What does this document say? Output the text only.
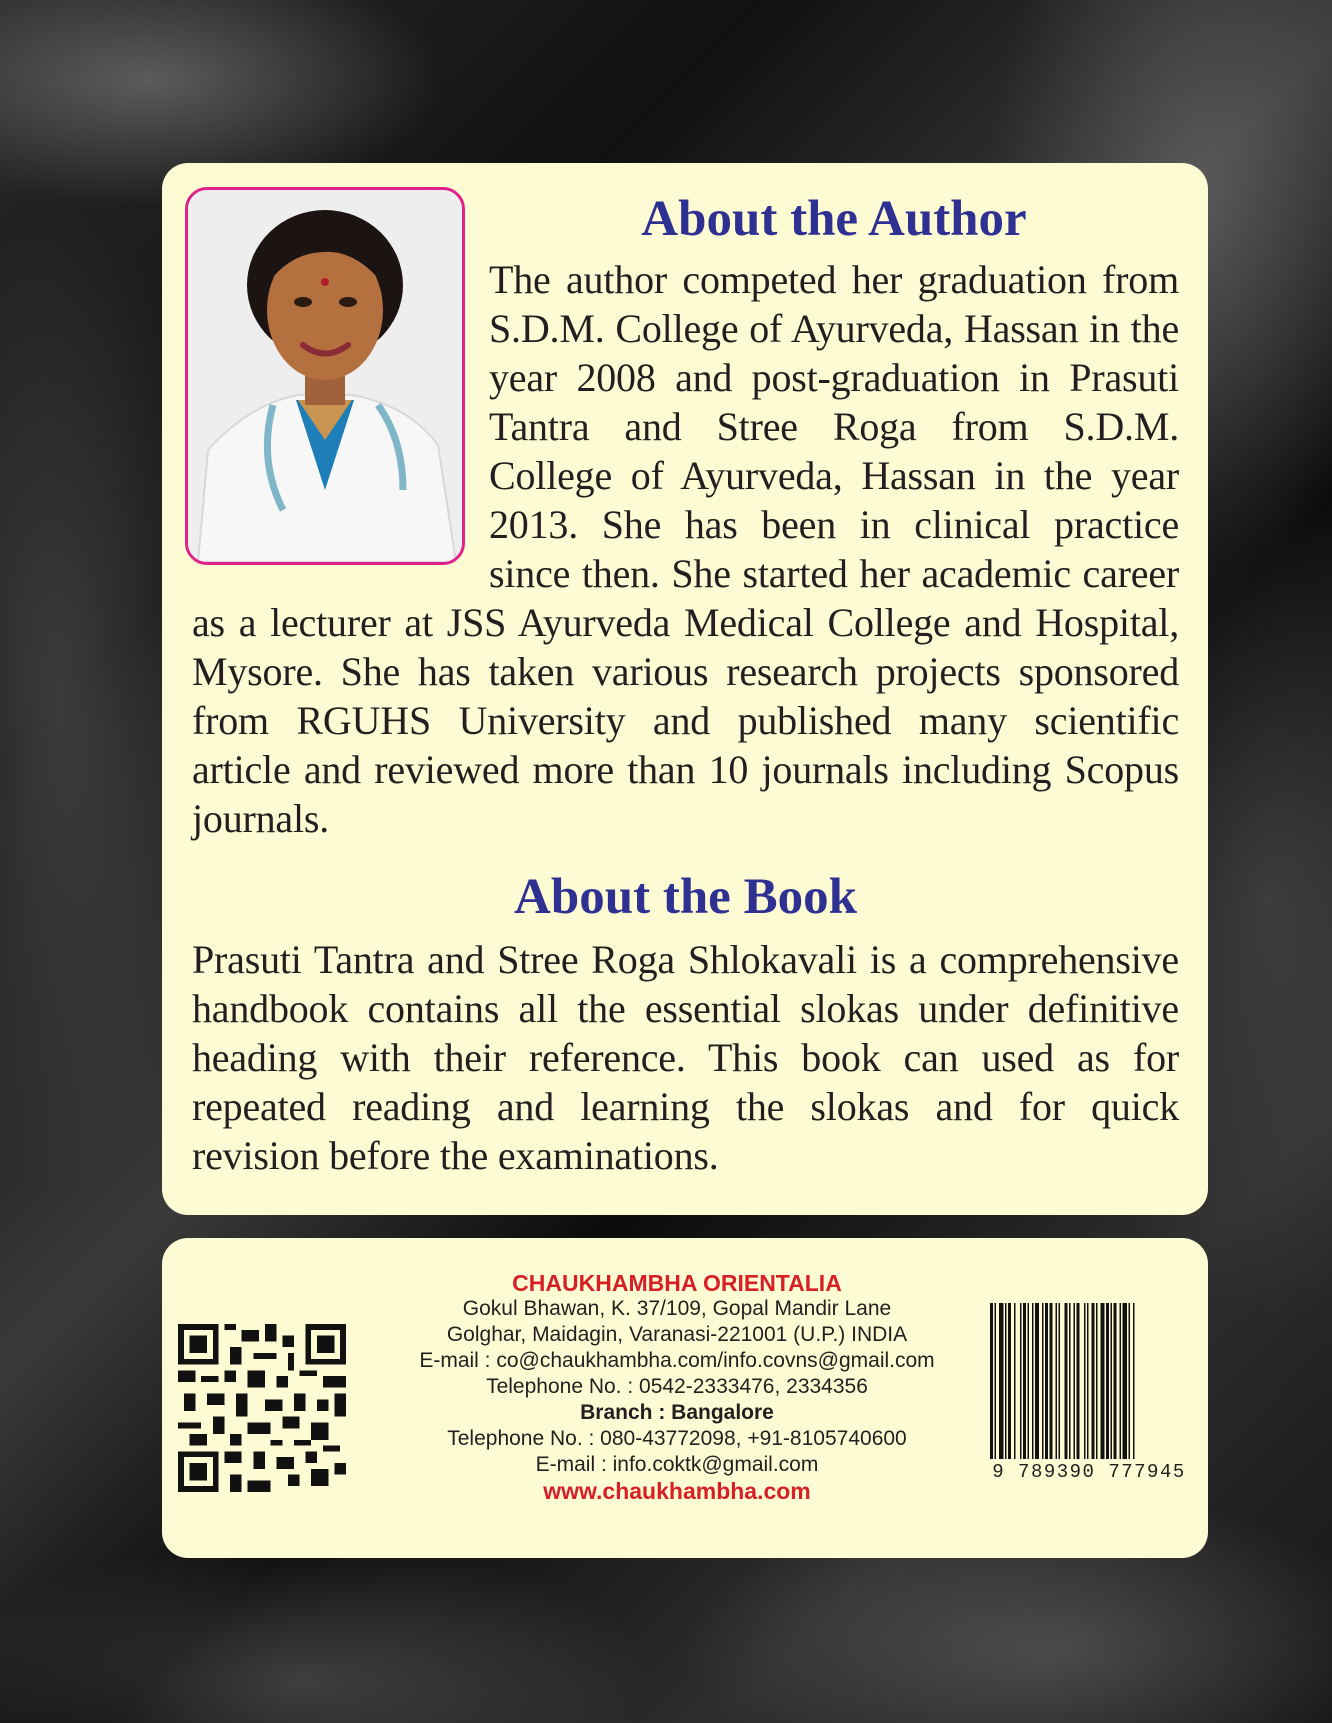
About the Author

The author competed her graduation from S.D.M. College of Ayurveda, Hassan in the year 2008 and post-graduation in Prasuti Tantra and Stree Roga from S.D.M. College of Ayurveda, Hassan in the year 2013. She has been in clinical practice since then. She started her academic career as a lecturer at JSS Ayurveda Medical College and Hospital, Mysore. She has taken various research projects sponsored from RGUHS University and published many scientific article and reviewed more than 10 journals including Scopus journals.

About the Book

Prasuti Tantra and Stree Roga Shlokavali is a comprehensive handbook contains all the essential slokas under definitive heading with their reference. This book can used as for repeated reading and learning the slokas and for quick revision before the examinations.

CHAUKHAMBHA ORIENTALIA
Gokul Bhawan, K. 37/109, Gopal Mandir Lane
Golghar, Maidagin, Varanasi-221001 (U.P.) INDIA
E-mail : co@chaukhambha.com/info.covns@gmail.com
Telephone No. : 0542-2333476, 2334356
Branch : Bangalore
Telephone No. : 080-43772098, +91-8105740600
E-mail : info.coktk@gmail.com
www.chaukhambha.com
9 789390 777945
